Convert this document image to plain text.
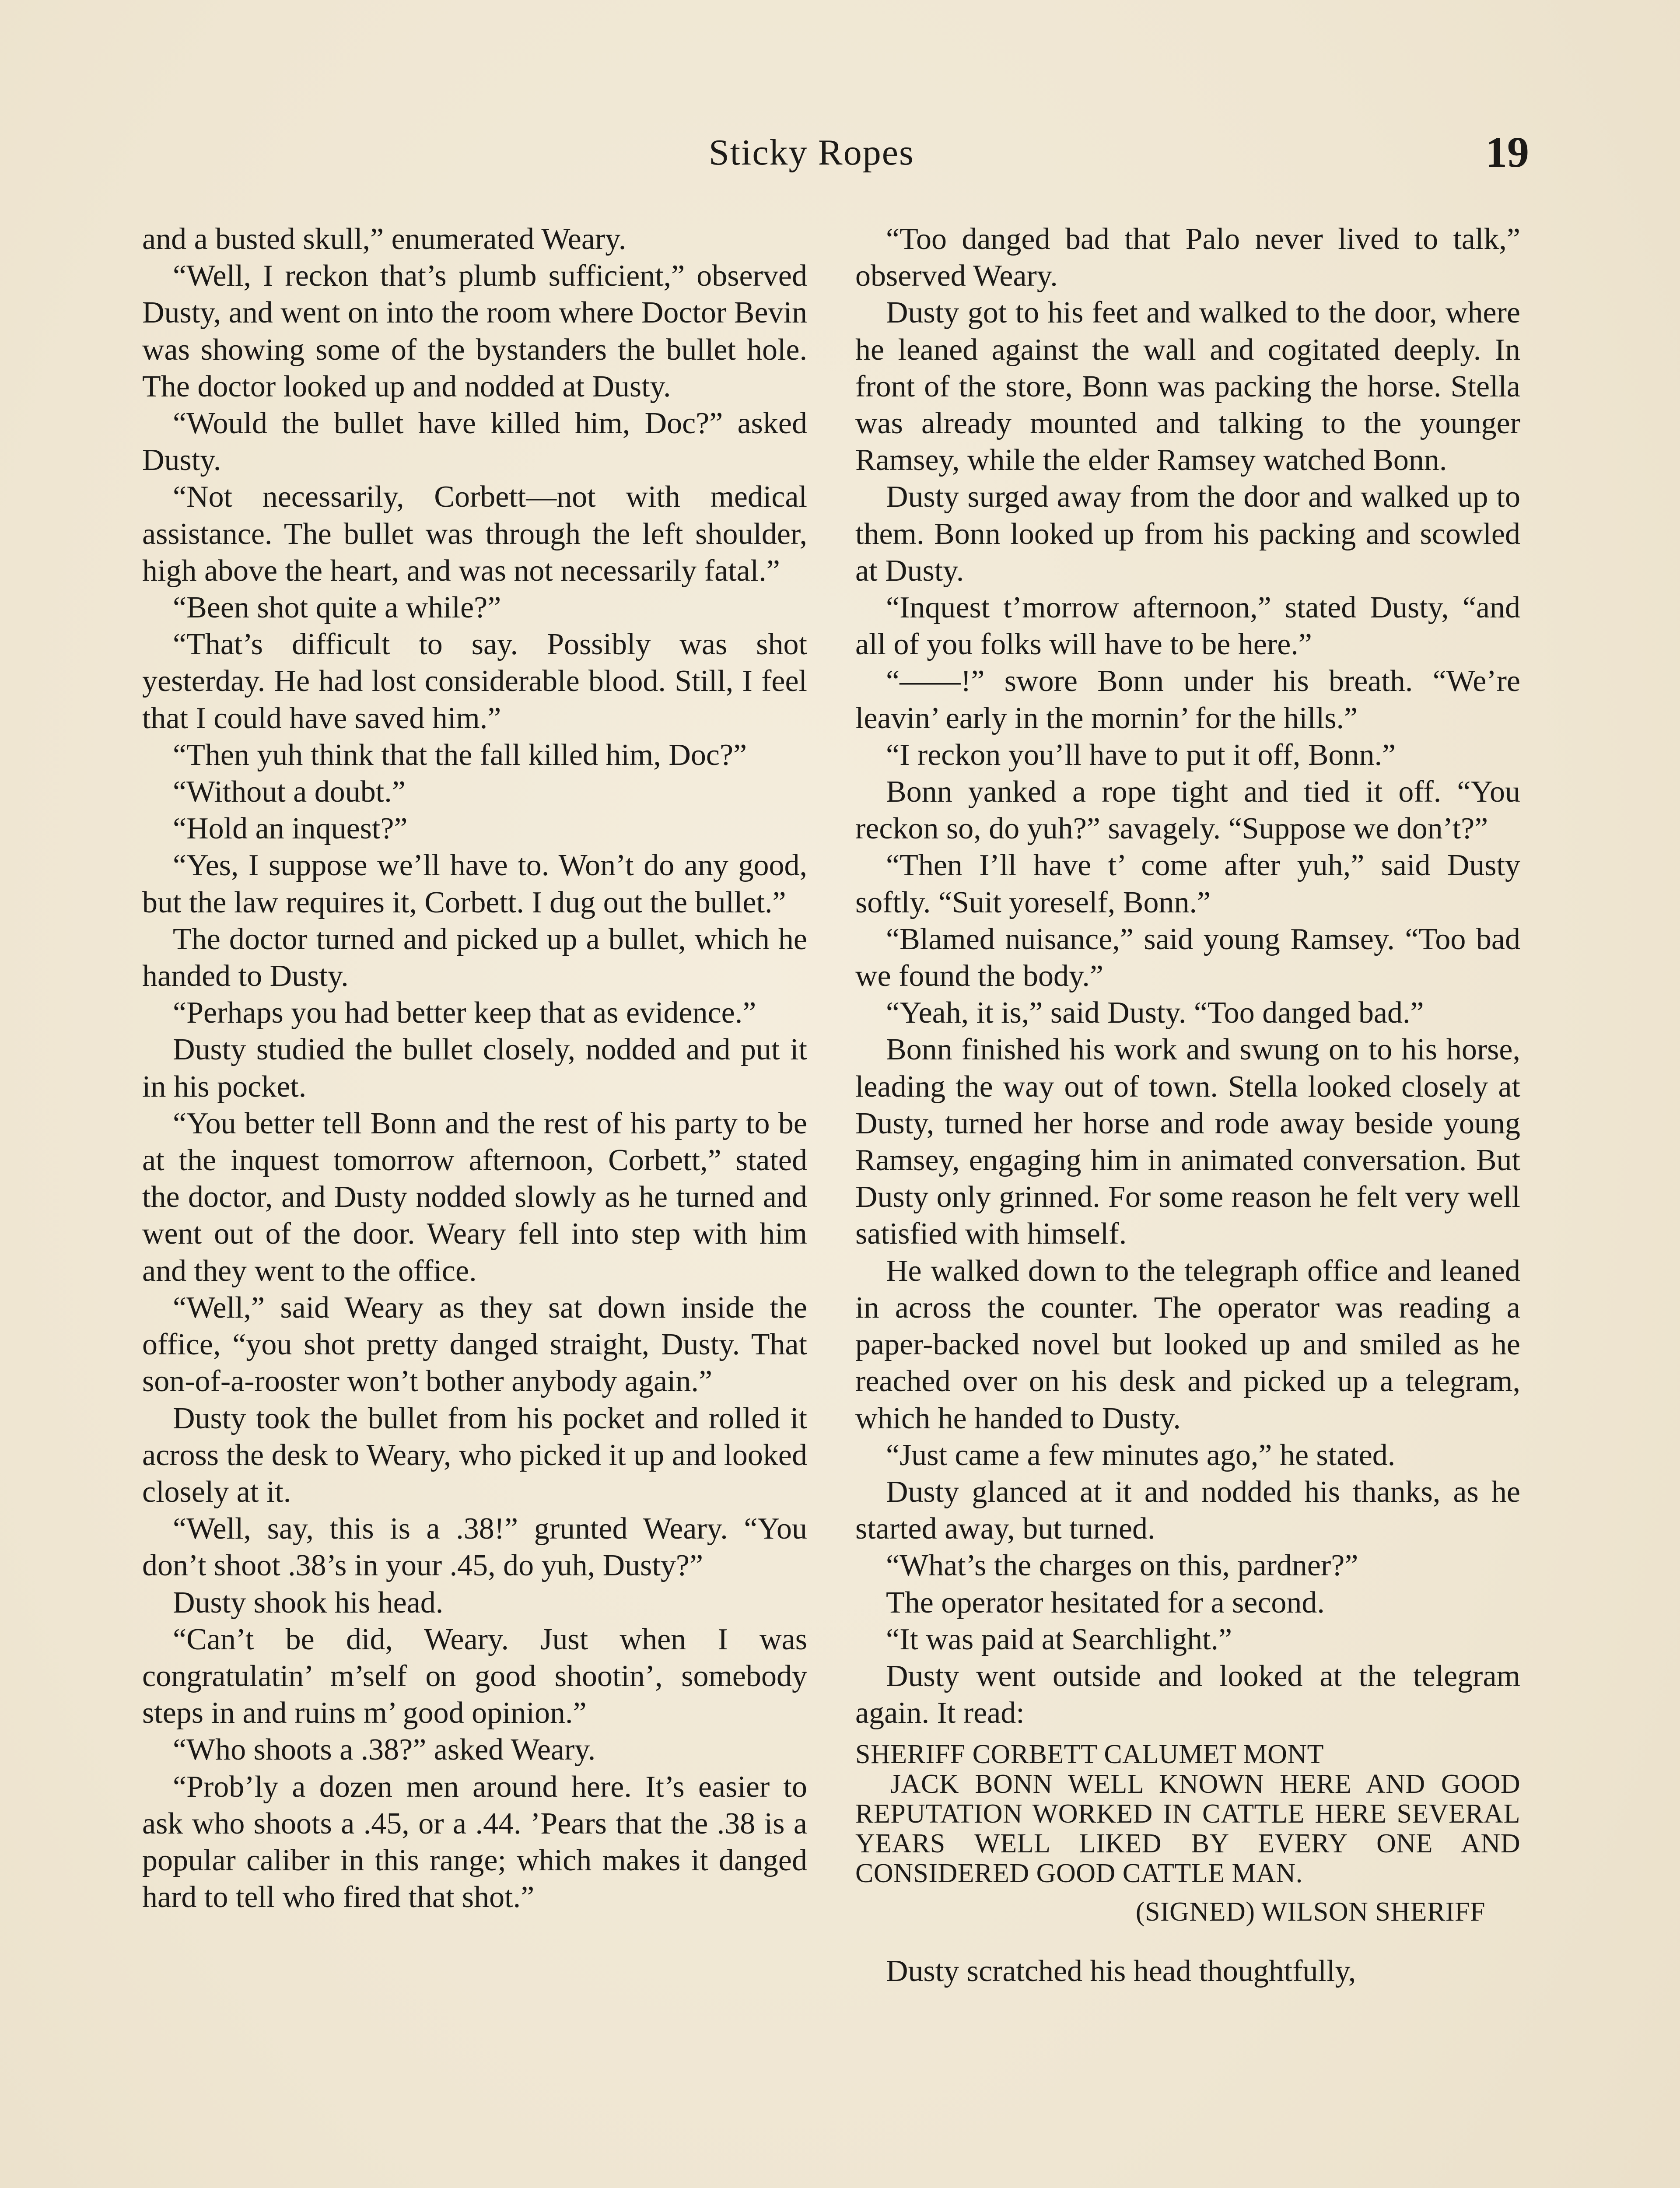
Sticky Ropes	19

and a busted skull,” enumerated Weary.

“Well, I reckon that’s plumb sufficient,” observed Dusty, and went on into the room where Doctor Bevin was showing some of the bystanders the bullet hole. The doctor looked up and nodded at Dusty.

“Would the bullet have killed him, Doc?” asked Dusty.

“Not necessarily, Corbett—not with medical assistance. The bullet was through the left shoulder, high above the heart, and was not necessarily fatal.”

“Been shot quite a while?”

“That’s difficult to say. Possibly was shot yesterday. He had lost considerable blood. Still, I feel that I could have saved him.”

“Then yuh think that the fall killed him, Doc?”

“Without a doubt.”

“Hold an inquest?”

“Yes, I suppose we’ll have to. Won’t do any good, but the law requires it, Corbett. I dug out the bullet.”

The doctor turned and picked up a bullet, which he handed to Dusty.

“Perhaps you had better keep that as evidence.”

Dusty studied the bullet closely, nodded and put it in his pocket.

“You better tell Bonn and the rest of his party to be at the inquest tomorrow afternoon, Corbett,” stated the doctor, and Dusty nodded slowly as he turned and went out of the door. Weary fell into step with him and they went to the office.

“Well,” said Weary as they sat down inside the office, “you shot pretty danged straight, Dusty. That son-of-a-rooster won’t bother anybody again.”

Dusty took the bullet from his pocket and rolled it across the desk to Weary, who picked it up and looked closely at it.

“Well, say, this is a .38!” grunted Weary. “You don’t shoot .38’s in your .45, do yuh, Dusty?”

Dusty shook his head.

“Can’t be did, Weary. Just when I was congratulatin’ m’self on good shootin’, somebody steps in and ruins m’ good opinion.”

“Who shoots a .38?” asked Weary.

“Prob’ly a dozen men around here. It’s easier to ask who shoots a .45, or a .44. ’Pears that the .38 is a popular caliber in this range; which makes it danged hard to tell who fired that shot.”

“Too danged bad that Palo never lived to talk,” observed Weary.

Dusty got to his feet and walked to the door, where he leaned against the wall and cogitated deeply. In front of the store, Bonn was packing the horse. Stella was already mounted and talking to the younger Ramsey, while the elder Ramsey watched Bonn.

Dusty surged away from the door and walked up to them. Bonn looked up from his packing and scowled at Dusty.

“Inquest t’morrow afternoon,” stated Dusty, “and all of you folks will have to be here.”

“——!” swore Bonn under his breath. “We’re leavin’ early in the mornin’ for the hills.”

“I reckon you’ll have to put it off, Bonn.”

Bonn yanked a rope tight and tied it off. “You reckon so, do yuh?” savagely. “Suppose we don’t?”

“Then I’ll have t’ come after yuh,” said Dusty softly. “Suit yoreself, Bonn.”

“Blamed nuisance,” said young Ramsey. “Too bad we found the body.”

“Yeah, it is,” said Dusty. “Too danged bad.”

Bonn finished his work and swung on to his horse, leading the way out of town. Stella looked closely at Dusty, turned her horse and rode away beside young Ramsey, engaging him in animated conversation. But Dusty only grinned. For some reason he felt very well satisfied with himself.

He walked down to the telegraph office and leaned in across the counter. The operator was reading a paper-backed novel but looked up and smiled as he reached over on his desk and picked up a telegram, which he handed to Dusty.

“Just came a few minutes ago,” he stated.

Dusty glanced at it and nodded his thanks, as he started away, but turned.

“What’s the charges on this, pardner?”

The operator hesitated for a second.

“It was paid at Searchlight.”

Dusty went outside and looked at the telegram again. It read:

SHERIFF CORBETT CALUMET MONT
JACK BONN WELL KNOWN HERE AND GOOD REPUTATION WORKED IN CATTLE HERE SEVERAL YEARS WELL LIKED BY EVERY ONE AND CONSIDERED GOOD CATTLE MAN.
(SIGNED) WILSON SHERIFF

Dusty scratched his head thoughtfully,
